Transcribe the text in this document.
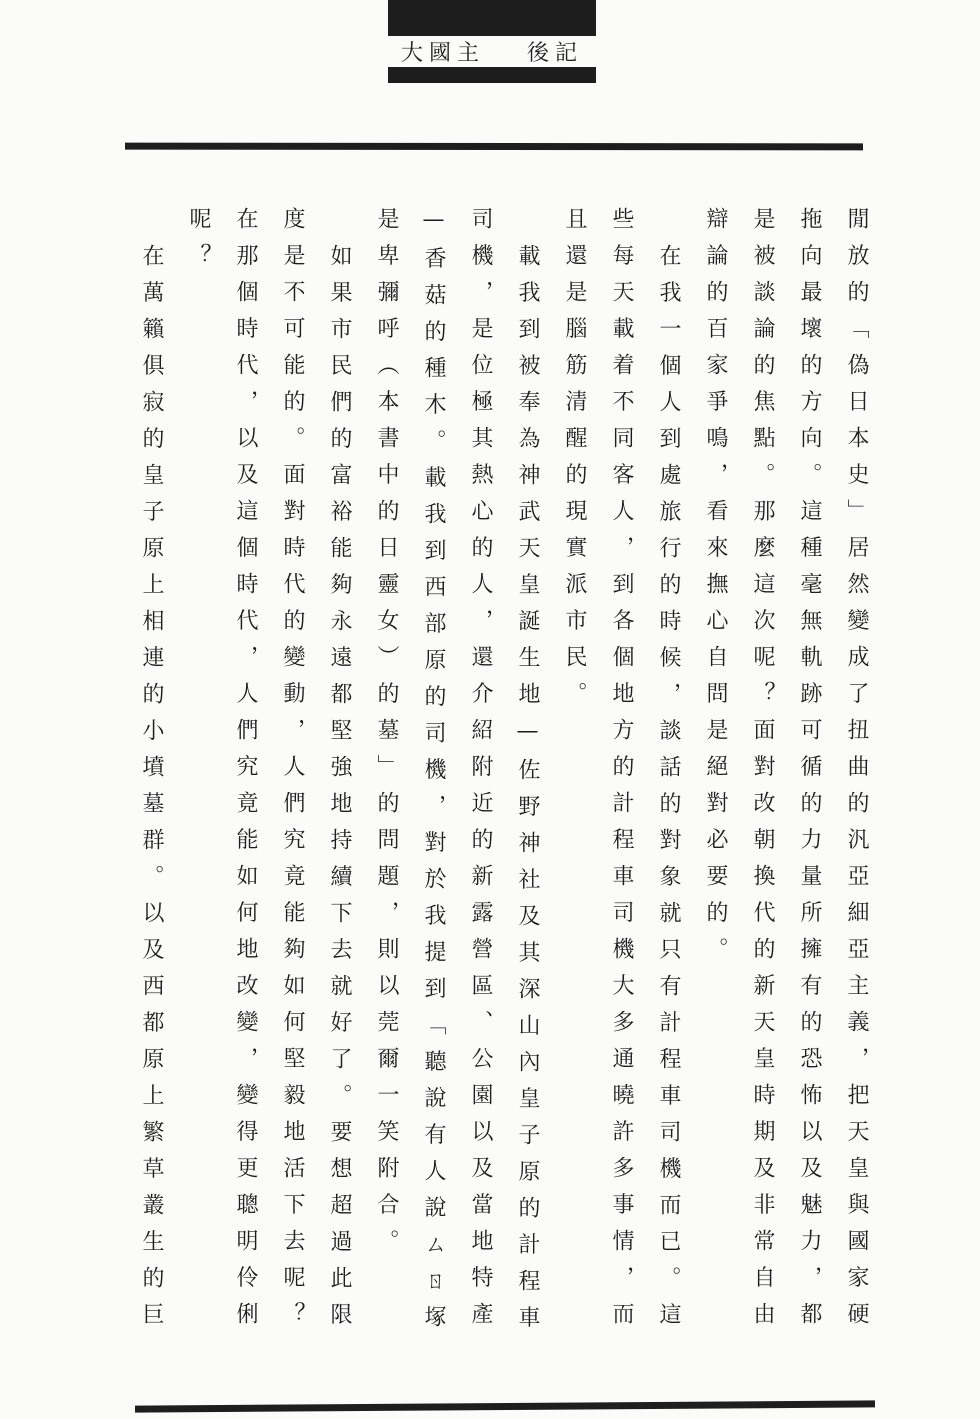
大國主 後記
閒放的「偽日本史」居然變成了扭曲的汎亞細亞主義，把天皇與國家硬
拖向最壞的方向。這種毫無軌跡可循的力量所擁有的恐怖以及魅力，都
是被談論的焦點。那麼這次呢？面對改朝換代的新天皇時期及非常自由
辯論的百家爭鳴，看來撫心自問是絕對必要的。
在我一個人到處旅行的時候，談話的對象就只有計程車司機而已。這
些每天載着不同客人，到各個地方的計程車司機大多通曉許多事情，而
且還是腦筋清醒的現實派市民。
載我到被奉為神武天皇誕生地—佐野神社及其深山內皇子原的計程車
司機，是位極其熱心的人，還介紹附近的新露營區、公園以及當地特產
—香菇的種木。載我到西部原的司機，對於我提到「聽說有人說ㄙㄖ塚
是卑彌呼（本書中的日靈女）的墓」的問題，則以莞爾一笑附合。
如果市民們的富裕能夠永遠都堅強地持續下去就好了。要想超過此限
度是不可能的。面對時代的變動，人們究竟能夠如何堅毅地活下去呢？
在那個時代，以及這個時代，人們究竟能如何地改變，變得更聰明伶俐
呢？
在萬籟俱寂的皇子原上相連的小墳墓群。以及西都原上繁草叢生的巨
